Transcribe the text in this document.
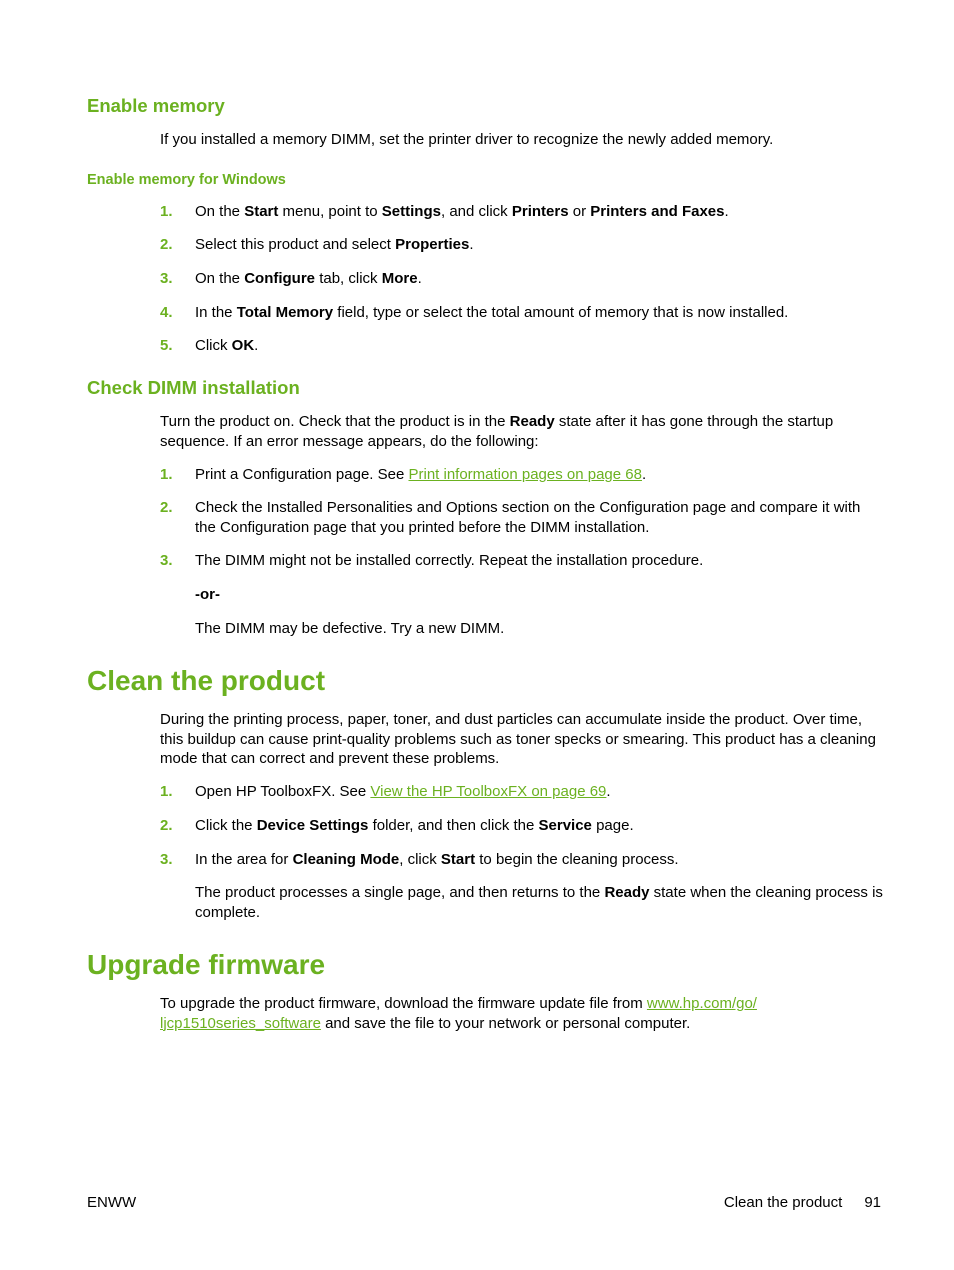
Enable memory
If you installed a memory DIMM, set the printer driver to recognize the newly added memory.
Enable memory for Windows
1. On the Start menu, point to Settings, and click Printers or Printers and Faxes.
2. Select this product and select Properties.
3. On the Configure tab, click More.
4. In the Total Memory field, type or select the total amount of memory that is now installed.
5. Click OK.
Check DIMM installation
Turn the product on. Check that the product is in the Ready state after it has gone through the startup sequence. If an error message appears, do the following:
1. Print a Configuration page. See Print information pages on page 68.
2. Check the Installed Personalities and Options section on the Configuration page and compare it with the Configuration page that you printed before the DIMM installation.
3. The DIMM might not be installed correctly. Repeat the installation procedure.
-or-
The DIMM may be defective. Try a new DIMM.
Clean the product
During the printing process, paper, toner, and dust particles can accumulate inside the product. Over time, this buildup can cause print-quality problems such as toner specks or smearing. This product has a cleaning mode that can correct and prevent these problems.
1. Open HP ToolboxFX. See View the HP ToolboxFX on page 69.
2. Click the Device Settings folder, and then click the Service page.
3. In the area for Cleaning Mode, click Start to begin the cleaning process.
The product processes a single page, and then returns to the Ready state when the cleaning process is complete.
Upgrade firmware
To upgrade the product firmware, download the firmware update file from www.hp.com/go/
ljcp1510series_software and save the file to your network or personal computer.
ENWW	Clean the product 91
